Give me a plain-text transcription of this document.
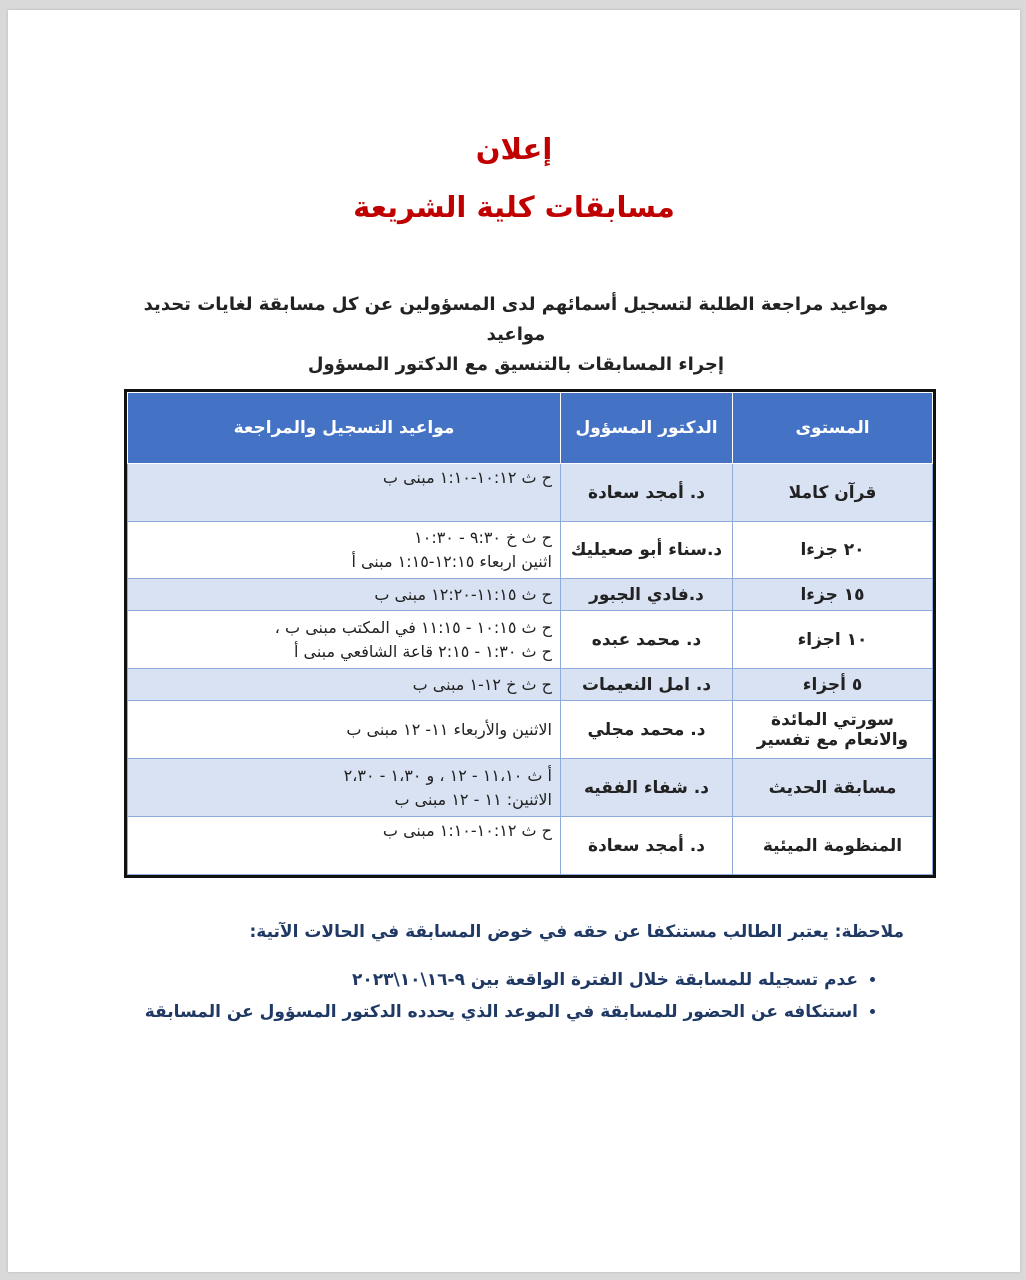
إعلان
مسابقات كلية الشريعة
مواعيد مراجعة الطلبة لتسجيل أسمائهم لدى المسؤولين عن كل مسابقة لغايات تحديد مواعيد
إجراء المسابقات بالتنسيق مع الدكتور المسؤول
المستوى	الدكتور المسؤول	مواعيد التسجيل والمراجعة
قرآن كاملا	د. أمجد سعادة	ح ث ١٠:١٢-١:١٠ مبنى ب

٢٠ جزءا	د.سناء أبو صعيليك	ح ث خ ٩:٣٠ - ١٠:٣٠
اثنين اربعاء ١٢:١٥-١:١٥ مبنى أ

١٥ جزءا	د.فادي الجبور	ح ث ١١:١٥-١٢:٢٠ مبنى ب

١٠ اجزاء	د. محمد عبده	ح ث ١٠:١٥ - ١١:١٥ في المكتب مبنى ب ،
ح ث ١:٣٠ - ٢:١٥ قاعة الشافعي مبنى أ

٥ أجزاء	د. امل النعيمات	ح ث خ ١٢-١ مبنى ب

سورتي المائدة والانعام مع تفسير	د. محمد مجلي	الاثنين والأربعاء ١١- ١٢ مبنى ب

مسابقة الحديث	د. شفاء الفقيه	أ ث ١١،١٠ - ١٢ ، و ١،٣٠ - ٢،٣٠
الاثنين: ١١ - ١٢ مبنى ب

المنظومة الميئية	د. أمجد سعادة	ح ث ١٠:١٢-١:١٠ مبنى ب
ملاحظة: يعتبر الطالب مستنكفا عن حقه في خوض المسابقة في الحالات الآتية:
• عدم تسجيله للمسابقة خلال الفترة الواقعة بين ٩-١٦\١٠\٢٠٢٣
• استنكافه عن الحضور للمسابقة في الموعد الذي يحدده الدكتور المسؤول عن المسابقة
